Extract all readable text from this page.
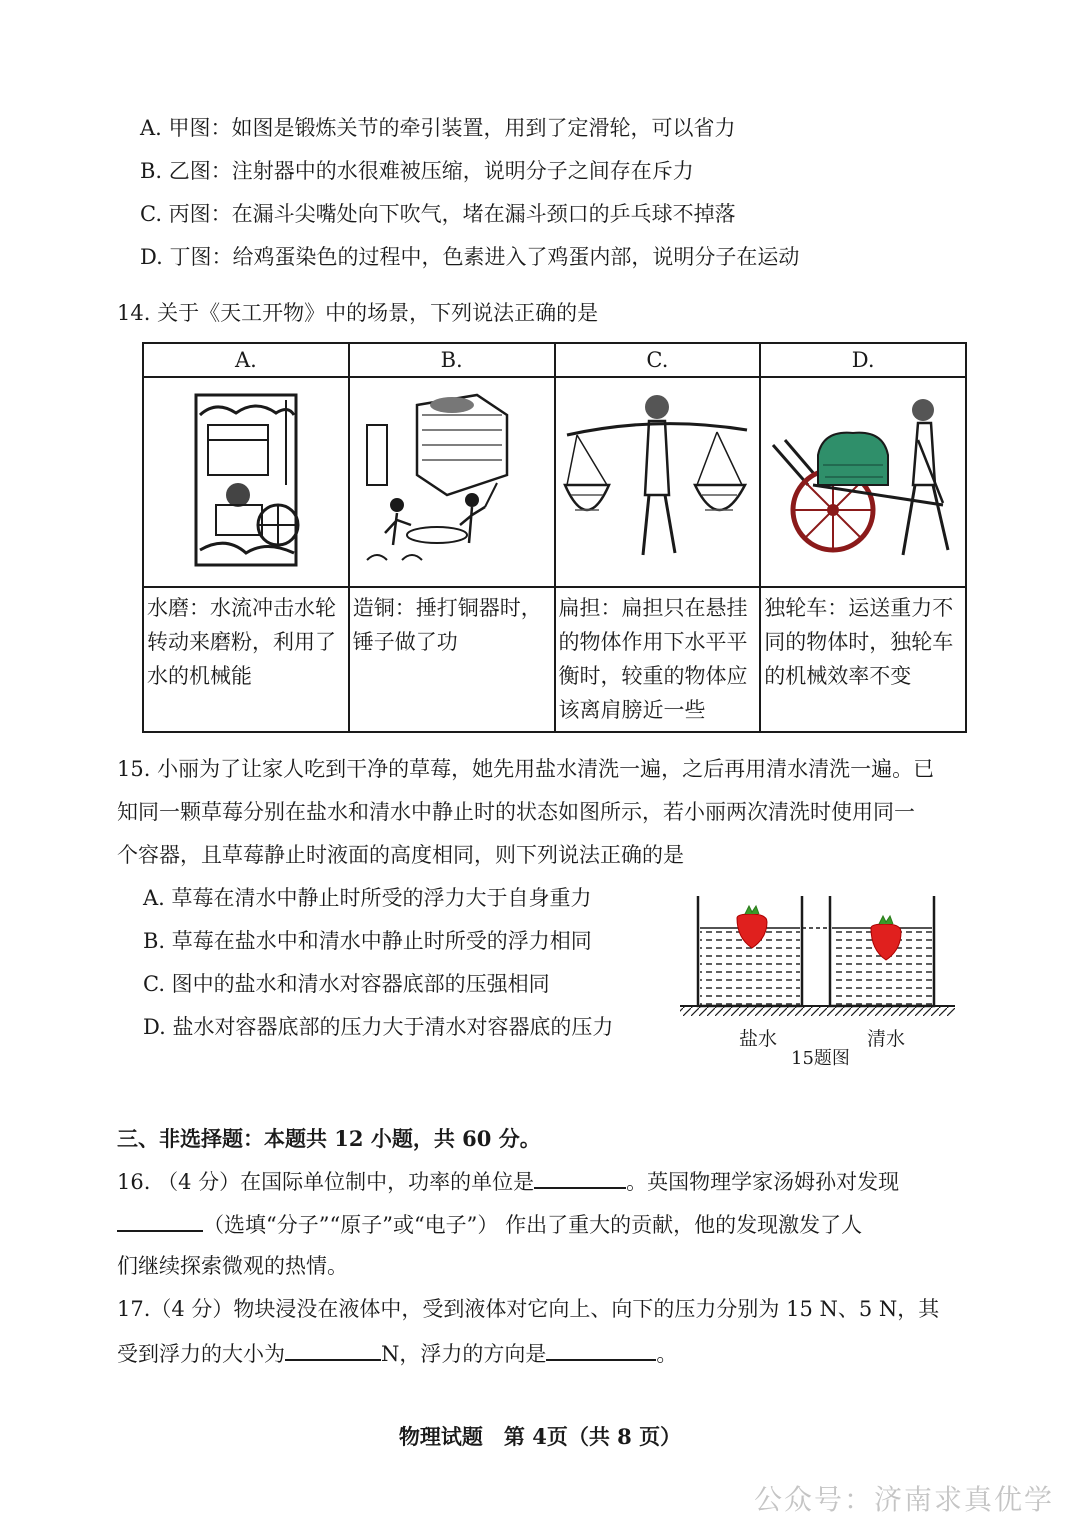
A. 甲图：如图是锻炼关节的牵引装置，用到了定滑轮，可以省力
B. 乙图：注射器中的水很难被压缩，说明分子之间存在斥力
C. 丙图：在漏斗尖嘴处向下吹气，堵在漏斗颈口的乒乓球不掉落
D. 丁图：给鸡蛋染色的过程中，色素进入了鸡蛋内部，说明分子在运动
14. 关于《天工开物》中的场景，下列说法正确的是
A.	B.	C.	D.

水磨：水流冲击水轮转动来磨粉，利用了水的机械能	造铜：捶打铜器时，锤子做了功	扁担：扁担只在悬挂的物体作用下水平平衡时，较重的物体应该离肩膀近一些	独轮车：运送重力不同的物体时，独轮车的机械效率不变
15. 小丽为了让家人吃到干净的草莓，她先用盐水清洗一遍，之后再用清水清洗一遍。已
知同一颗草莓分别在盐水和清水中静止时的状态如图所示，若小丽两次清洗时使用同一
个容器，且草莓静止时液面的高度相同，则下列说法正确的是
A. 草莓在清水中静止时所受的浮力大于自身重力
B. 草莓在盐水中和清水中静止时所受的浮力相同
C. 图中的盐水和清水对容器底部的压强相同
D. 盐水对容器底部的压力大于清水对容器底的压力	盐水	清水
15题图
三、非选择题：本题共 12 小题，共 60 分。
16. （4 分）在国际单位制中，功率的单位是	。英国物理学家汤姆孙对发现
（选填“分子”“原子”或“电子”） 作出了重大的贡献，他的发现激发了人
们继续探索微观的热情。
17.（4 分）物块浸没在液体中，受到液体对它向上、向下的压力分别为 15 N、5 N，其
受到浮力的大小为	N，浮力的方向是	。
物理试题　第 4页（共 8 页）
公众号：济南求真优学
